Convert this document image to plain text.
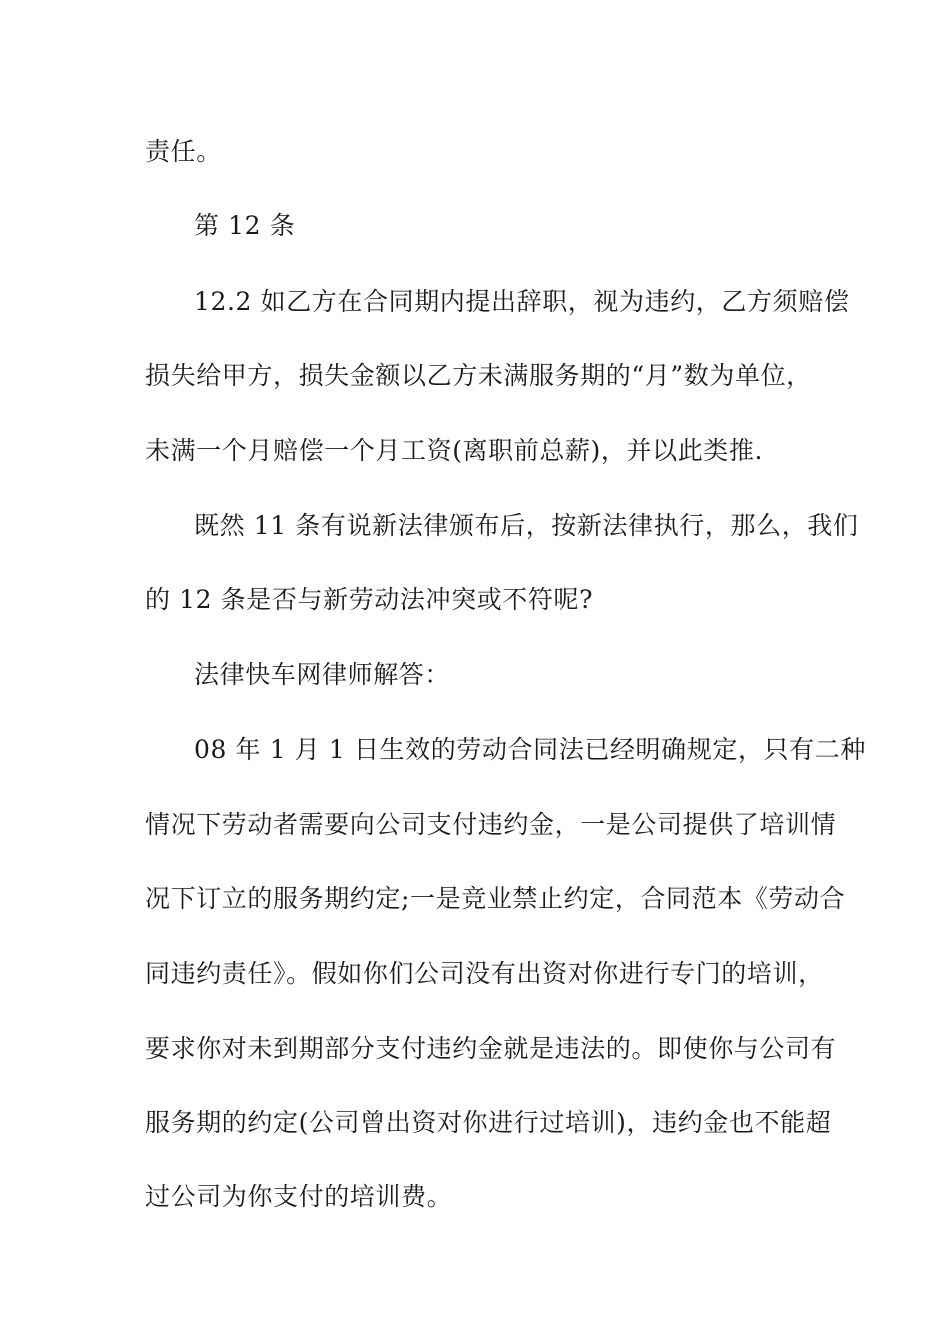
责任。
第 12 条
12.2 如乙方在合同期内提出辞职，视为违约，乙方须赔偿
损失给甲方，损失金额以乙方未满服务期的“月”数为单位，
未满一个月赔偿一个月工资(离职前总薪)，并以此类推.
既然 11 条有说新法律颁布后，按新法律执行，那么，我们
的 12 条是否与新劳动法冲突或不符呢?
法律快车网律师解答：
08 年 1 月 1 日生效的劳动合同法已经明确规定，只有二种
情况下劳动者需要向公司支付违约金，一是公司提供了培训情
况下订立的服务期约定;一是竞业禁止约定，合同范本《劳动合
同违约责任》。假如你们公司没有出资对你进行专门的培训，
要求你对未到期部分支付违约金就是违法的。即使你与公司有
服务期的约定(公司曾出资对你进行过培训)，违约金也不能超
过公司为你支付的培训费。
